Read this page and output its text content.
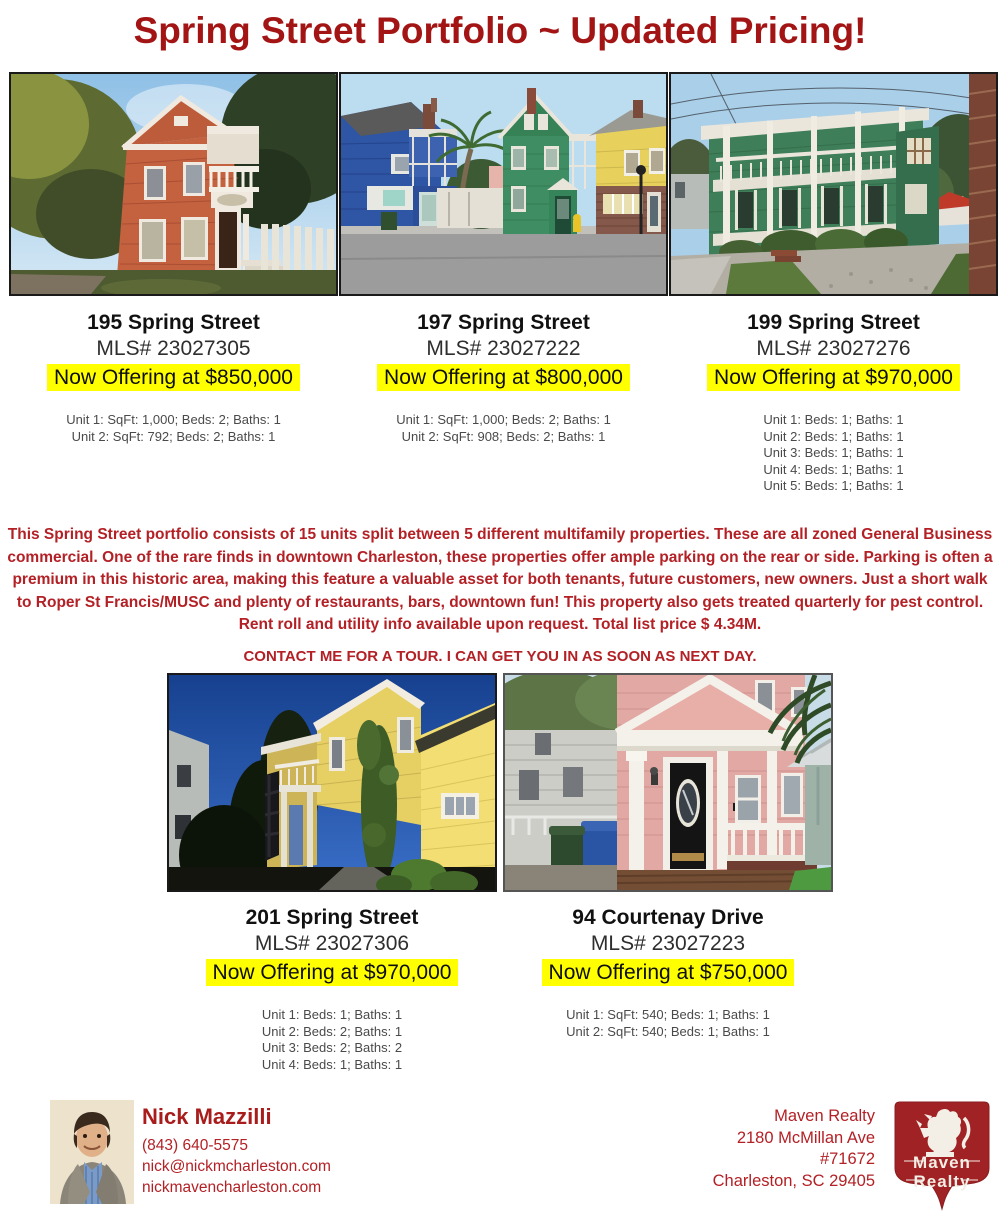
Spring Street Portfolio ~ Updated Pricing!
195 Spring Street
MLS# 23027305
Now Offering at $850,000
Unit 1: SqFt: 1,000; Beds: 2; Baths: 1
Unit 2: SqFt: 792; Beds: 2; Baths: 1
197 Spring Street
MLS# 23027222
Now Offering at $800,000
Unit 1: SqFt: 1,000; Beds: 2; Baths: 1
Unit 2: SqFt: 908; Beds: 2; Baths: 1
199 Spring Street
MLS# 23027276
Now Offering at $970,000
Unit 1: Beds: 1; Baths: 1
Unit 2: Beds: 1; Baths: 1
Unit 3: Beds: 1; Baths: 1
Unit 4: Beds: 1; Baths: 1
Unit 5: Beds: 1; Baths: 1
This Spring Street portfolio consists of 15 units split between 5 different multifamily properties. These are all zoned General Business commercial. One of the rare finds in downtown Charleston, these properties offer ample parking on the rear or side. Parking is often a premium in this historic area, making this feature a valuable asset for both tenants, future customers, new owners. Just a short walk to Roper St Francis/MUSC and plenty of restaurants, bars, downtown fun! This property also gets treated quarterly for pest control. Rent roll and utility info available upon request. Total list price $ 4.34M.
CONTACT ME FOR A TOUR. I CAN GET YOU IN AS SOON AS NEXT DAY.
201 Spring Street
MLS# 23027306
Now Offering at $970,000
Unit 1: Beds: 1; Baths: 1
Unit 2: Beds: 2; Baths: 1
Unit 3: Beds: 2; Baths: 2
Unit 4: Beds: 1; Baths: 1
94 Courtenay Drive
MLS# 23027223
Now Offering at $750,000
Unit 1: SqFt: 540; Beds: 1; Baths: 1
Unit 2: SqFt: 540; Beds: 1; Baths: 1
Nick Mazzilli
(843) 640-5575
nick@nickmcharleston.com
nickmavencharleston.com
Maven Realty
2180 McMillan Ave
#71672
Charleston, SC 29405
Maven
Realty
